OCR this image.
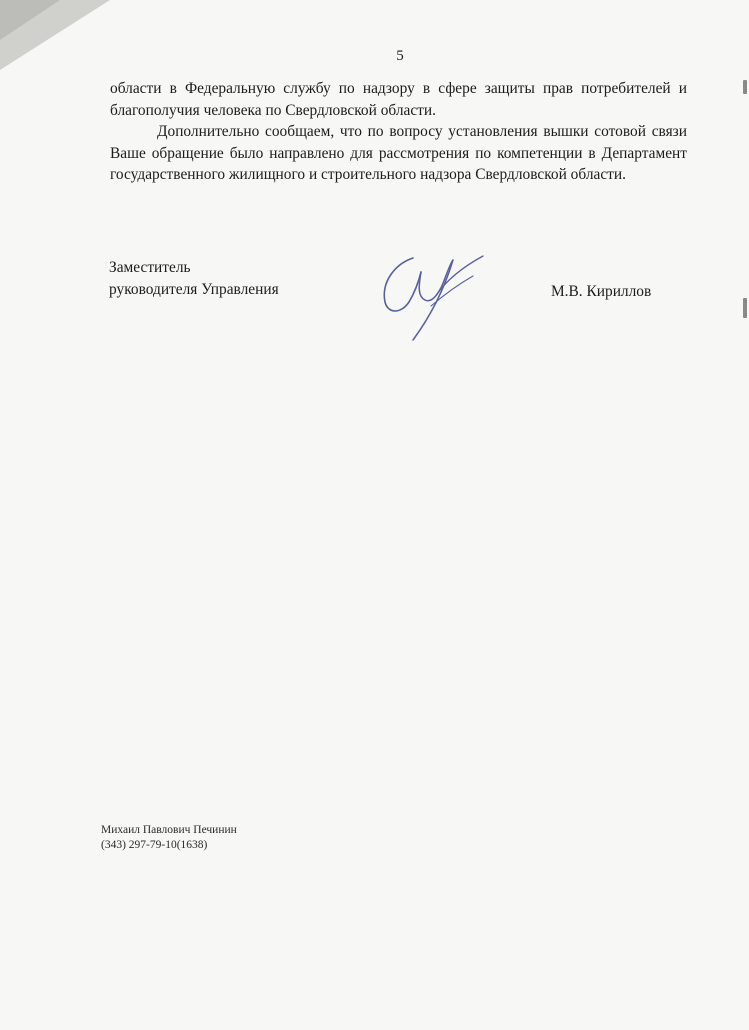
5

области в Федеральную службу по надзору в сфере защиты прав потребителей и благополучия человека по Свердловской области.

Дополнительно сообщаем, что по вопросу установления вышки сотовой связи Ваше обращение было направлено для рассмотрения по компетенции в Департамент государственного жилищного и строительного надзора Свердловской области.

Заместитель
руководителя Управления	М.В. Кириллов
Михаил Павлович Печинин
(343) 297-79-10(1638)
